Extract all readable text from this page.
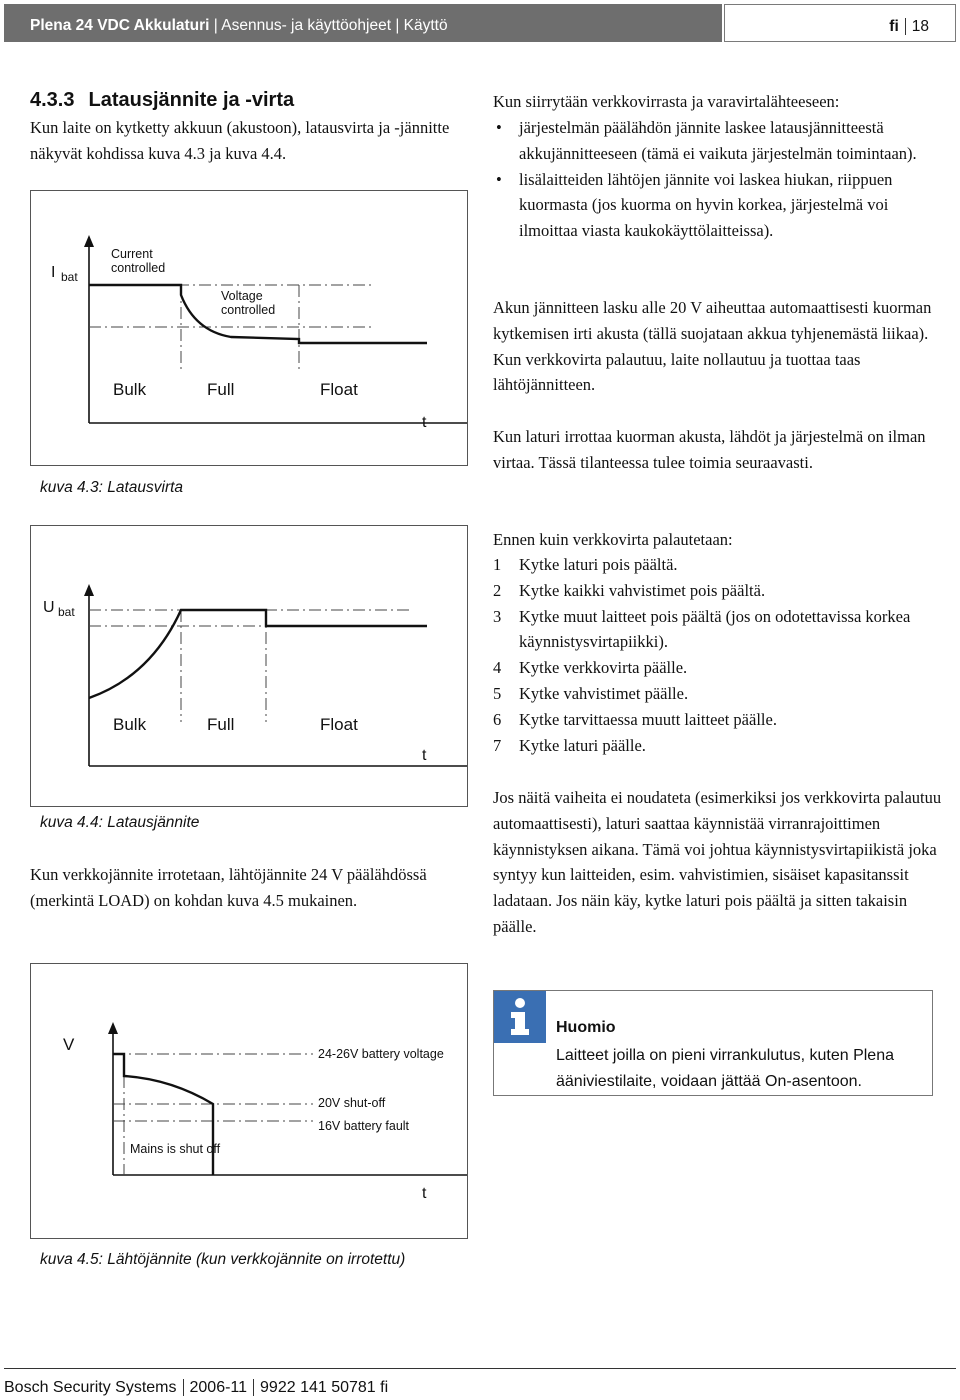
Plena 24 VDC Akkulaturi | Asennus- ja käyttöohjeet | Käyttö	fi 18
4.3.3 Latausjännite ja -virta

Kun laite on kytketty akkuun (akustoon), latausvirta ja -jännitte näkyvät kohdissa kuva 4.3 ja kuva 4.4.

I bat
Current controlled
Voltage controlled
Bulk	Full	Float
t
kuva 4.3: Latausvirta
U bat
Bulk	Full	Float
t
kuva 4.4: Latausjännite

Kun verkkojännite irrotetaan, lähtöjännite 24 V päälähdössä (merkintä LOAD) on kohdan kuva 4.5 mukainen.

V	24-26V battery voltage
20V shut-off
16V battery fault
Mains is shut off
t
kuva 4.5: Lähtöjännite (kun verkkojännite on irrotettu)

Kun siirrytään verkkovirrasta ja varavirtalähteeseen:

• järjestelmän päälähdön jännite laskee latausjännitteestä akkujännitteeseen (tämä ei vaikuta järjestelmän toimintaan).
• lisälaitteiden lähtöjen jännite voi laskea hiukan, riippuen kuormasta (jos kuorma on hyvin korkea, järjestelmä voi ilmoittaa viasta kaukokäyttölaitteissa).

Akun jännitteen lasku alle 20 V aiheuttaa automaattisesti kuorman kytkemisen irti akusta (tällä suojataan akkua tyhjenemästä liikaa). Kun verkkovirta palautuu, laite nollautuu ja tuottaa taas lähtöjännitteen.

Kun laturi irrottaa kuorman akusta, lähdöt ja järjestelmä on ilman virtaa. Tässä tilanteessa tulee toimia seuraavasti.

Ennen kuin verkkovirta palautetaan:

1 Kytke laturi pois päältä.
2 Kytke kaikki vahvistimet pois päältä.
3 Kytke muut laitteet pois päältä (jos on odotettavissa korkea käynnistysvirtapiikki).
4 Kytke verkkovirta päälle.
5 Kytke vahvistimet päälle.
6 Kytke tarvittaessa muutt laitteet päälle.
7 Kytke laturi päälle.

Jos näitä vaiheita ei noudateta (esimerkiksi jos verkkovirta palautuu automaattisesti), laturi saattaa käynnistää virranrajoittimen käynnistyksen aikana. Tämä voi johtua käynnistysvirtapiikistä joka syntyy kun laitteiden, esim. vahvistimien, sisäiset kapasitanssit ladataan. Jos näin käy, kytke laturi pois päältä ja sitten takaisin päälle.

Huomio
Laitteet joilla on pieni virrankulutus, kuten Plena ääniviestilaite, voidaan jättää On-asentoon.
Bosch Security Systems 2006-11 9922 141 50781 fi
